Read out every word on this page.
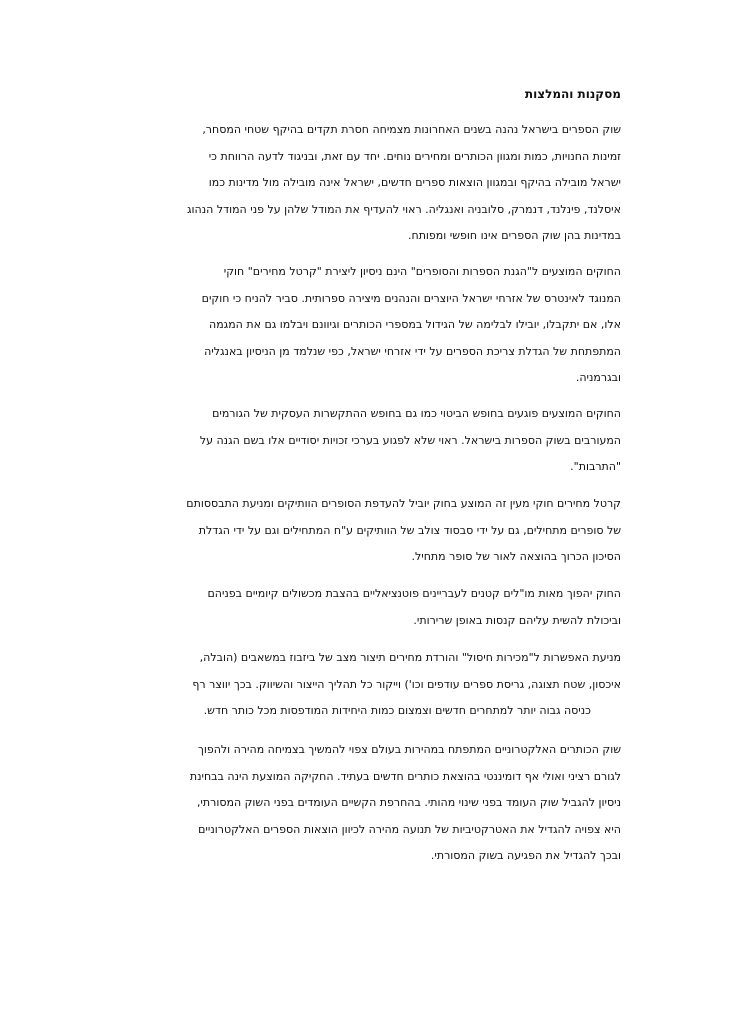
מסקנות והמלצות
שוק הספרים בישראל נהנה בשנים האחרונות מצמיחה חסרת תקדים בהיקף שטחי המסחר,
זמינות החנויות, כמות ומגוון הכותרים ומחירים נוחים. יחד עם זאת, ובניגוד לדעה הרווחת כי
ישראל מובילה בהיקף ובמגוון הוצאות ספרים חדשים, ישראל אינה מובילה מול מדינות כמו
איסלנד, פינלנד, דנמרק, סלובניה ואנגליה. ראוי להעדיף את המודל שלהן על פני המודל הנהוג
במדינות בהן שוק הספרים אינו חופשי ומפותח.
החוקים המוצעים ל"הגנת הספרות והסופרים" הינם ניסיון ליצירת "קרטל מחירים" חוקי
המנוגד לאינטרס של אזרחי ישראל היוצרים והנהנים מיצירה ספרותית. סביר להניח כי חוקים
אלו, אם יתקבלו, יובילו לבלימה של הגידול במספרי הכותרים וגיוונם ויבלמו גם את המגמה
המתפתחת של הגדלת צריכת הספרים על ידי אזרחי ישראל, כפי שנלמד מן הניסיון באנגליה
ובגרמניה.
החוקים המוצעים פוגעים בחופש הביטוי כמו גם בחופש ההתקשרות העסקית של הגורמים
המעורבים בשוק הספרות בישראל. ראוי שלא לפגוע בערכי זכויות יסודיים אלו בשם הגנה על
"התרבות".
קרטל מחירים חוקי מעין זה המוצע בחוק יוביל להעדפת הסופרים הוותיקים ומניעת התבססותם
של סופרים מתחילים, גם על ידי סבסוד צולב של הוותיקים ע"ח המתחילים וגם על ידי הגדלת
הסיכון הכרוך בהוצאה לאור של סופר מתחיל.
החוק יהפוך מאות מו"לים קטנים לעבריינים פוטנציאליים בהצבת מכשולים קיומיים בפניהם
וביכולת להשית עליהם קנסות באופן שרירותי.
מניעת האפשרות ל"מכירות חיסול" והורדת מחירים תיצור מצב של ביזבוז במשאבים (הובלה,
איכסון, שטח תצוגה, גריסת ספרים עודפים וכו') וייקור כל תהליך הייצור והשיווק. בכך יווצר רף
כניסה גבוה יותר למתחרים חדשים וצמצום כמות היחידות המודפסות מכל כותר חדש.
שוק הכותרים האלקטרוניים המתפתח במהירות בעולם צפוי להמשיך בצמיחה מהירה ולהפוך
לגורם רציני ואולי אף דומיננטי בהוצאת כותרים חדשים בעתיד. החקיקה המוצעת הינה בבחינת
ניסיון להגביל שוק העומד בפני שינוי מהותי. בהחרפת הקשיים העומדים בפני השוק המסורתי,
היא צפויה להגדיל את האטרקטיביות של תנועה מהירה לכיוון הוצאות הספרים האלקטרוניים
ובכך להגדיל את הפגיעה בשוק המסורתי.
